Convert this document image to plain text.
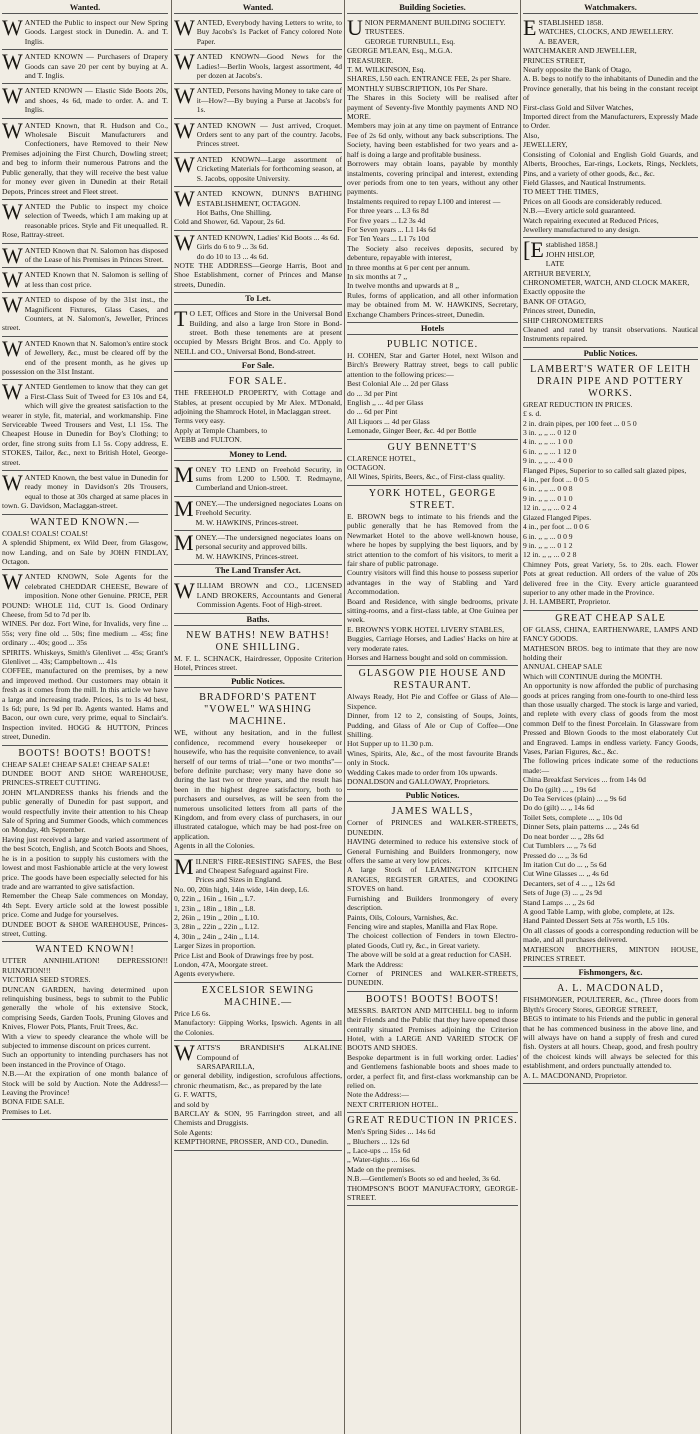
Wanted.

WANTED the Public to inspect our New Spring Goods. Largest stock in Dunedin. A. and T. Inglis.

WANTED KNOWN — Purchasers of Drapery Goods can save 20 per cent by buying at A. and T. Inglis.

WANTED KNOWN — Elastic Side Boots 20s, and shoes, 4s 6d, made to order. A. and T. Inglis.

WANTED Known, that R. Hudson and Co., Wholesale Biscuit Manufacturers and Confectioners, have Removed to their New Premises adjoining the First Church, Dowling street; and beg to inform their numerous Patrons and the Public generally, that they will receive the best value for money ever given in Dunedin at their Retail Depots, Princes street and Fleet street.

WANTED the Public to inspect my choice selection of Tweeds, which I am making up at reasonable prices. Style and Fit unequalled. R. Rose, Rattray-street.

WANTED Known that N. Salomon has disposed of the Lease of his Premises in Princes Street.

WANTED Known that N. Salomon is selling of at less than cost price.

WANTED to dispose of by the 31st inst., the Magnificent Fixtures, Glass Cases, and Counters, at N. Salomon's, Jeweller, Princes street.

WANTED Known that N. Salomon's entire stock of Jewellery, &c., must be cleared off by the end of the present month, as he gives up possession on the 31st Instant.

WANTED Gentlemen to know that they can get a First-Class Suit of Tweed for £3 10s and £4, which will give the greatest satisfaction to the wearer in style, fit, material, and workmanship. Fine Serviceable Tweed Trousers and Vest, L1 15s. The Cheapest House in Dunedin for Boy's Clothing; to order, fine strong suits from L1 5s. Copy address, E. STOKES, Tailor, &c., next to British Hotel, George-street.

WANTED Known, the best value in Dunedin for ready money in Davidson's 20s Trousers, equal to those at 30s charged at same places in town. G. Davidson, Maclaggan-street.

WANTED KNOWN.—

COALS! COALS! COALS!

A splendid Shipment, ex Wild Deer, from Glasgow, now Landing, and on Sale by JOHN FINDLAY, Octagon.

WANTED KNOWN, Sole Agents for the celebrated CHEDDAR CHEESE, Beware of imposition. None other Genuine. PRICE, PER POUND: WHOLE 11d, CUT 1s. Good Ordinary Cheese, from 5d to 7d per lb.

WINES. Per doz. Fort Wine, for Invalids, very fine ... 55s; very fine old ... 50s; fine medium ... 45s; fine ordinary ... 40s; good ... 35s

SPIRITS. Whiskeys, Smith's Glenlivet ... 45s; Grant's Glenlivet ... 43s; Campbeltown ... 41s

COFFEE, manufactured on the premises, by a new and improved method. Our customers may obtain it fresh as it comes from the mill. In this article we have a large and increasing trade. Prices, 1s to 1s 4d best, 1s 6d; pure, 1s 9d per lb. Agents wanted. Hams and Bacon, our own cure, very prime, equal to Sinclair's. Inspection invited. HOGG & HUTTON, Princes street, Dunedin.

BOOTS! BOOTS! BOOTS!

CHEAP SALE! CHEAP SALE! CHEAP SALE!

DUNDEE BOOT AND SHOE WAREHOUSE, PRINCES-STREET CUTTING.

JOHN M'LANDRESS thanks his friends and the public generally of Dunedin for past support, and would respectfully invite their attention to his Cheap Sale of Spring and Summer Goods, which commences on Monday, 4th September.

Having just received a large and varied assortment of the best Scotch, English, and Scotch Boots and Shoes, he is in a position to supply his customers with the lowest and most Fashionable article at the very lowest price. The goods have been especially selected for his trade and are warranted to give satisfaction.

Remember the Cheap Sale commences on Monday, 4th Sept. Every article sold at the lowest possible price. Come and Judge for yourselves.

DUNDEE BOOT & SHOE WAREHOUSE, Princes-street, Cutting.

WANTED KNOWN!

UTTER ANNIHILATION! DEPRESSION!! RUINATION!!!

VICTORIA SEED STORES.

DUNCAN GARDEN, having determined upon relinquishing business, begs to submit to the Public generally the whole of his extensive Stock, comprising Seeds, Garden Tools, Pruning Gloves and Knives, Flower Pots, Plants, Fruit Trees, &c.

With a view to speedy clearance the whole will be subjected to immense discount on prices current.

Such an opportunity to intending purchasers has not been instanced in the Province of Otago.

N.B.—At the expiration of one month balance of Stock will be sold by Auction. Note the Address!—Leaving the Province!

BONA FIDE SALE.

Premises to Let.

Wanted.

WANTED, Everybody having Letters to write, to Buy Jacobs's 1s Packet of Fancy colored Note Paper.

WANTED KNOWN—Good News for the Ladies!—Berlin Wools, largest assortment, 4d per dozen at Jacobs's.

WANTED, Persons having Money to take care of it—How?—By buying a Purse at Jacobs's for 1s.

WANTED KNOWN — Just arrived, Croquet. Orders sent to any part of the country. Jacobs, Princes street.

WANTED KNOWN—Large assortment of Cricketing Materials for forthcoming season, at S. Jacobs, opposite University.

WANTED KNOWN, DUNN'S BATHING ESTABLISHMENT, OCTAGON.

Hot Baths, One Shilling.

Cold and Shower, 6d. Vapour, 2s 6d.

WANTED KNOWN, Ladies' Kid Boots ... 4s 6d.

Girls do 6 to 9 ... 3s 6d.

do do 10 to 13 ... 4s 6d.

NOTE THE ADDRESS—George Harris, Boot and Shoe Establishment, corner of Princes and Manse streets, Dunedin.

To Let.

TO LET, Offices and Store in the Universal Bond Building, and also a large Iron Store in Bond-street. Both these tenements are at present occupied by Messrs Bright Bros. and Co. Apply to NEILL and CO., Universal Bond, Bond-street.

For Sale.

FOR SALE.

THE FREEHOLD PROPERTY, with Cottage and Stables, at present occupied by Mr Alex. M'Donald, adjoining the Shamrock Hotel, in Maclaggan street.

Terms very easy.

Apply at Temple Chambers, to

WEBB and FULTON.

Money to Lend.

MONEY TO LEND on Freehold Security, in sums from L200 to L500. T. Redmayne, Cumberland and Union-street.

MONEY.—The undersigned negociates Loans on Freehold Security.

M. W. HAWKINS, Princes-street.

MONEY.—The undersigned negociates loans on personal security and approved bills.

M. W. HAWKINS, Princes-street.

The Land Transfer Act.

WILLIAM BROWN and CO., LICENSED LAND BROKERS, Accountants and General Commission Agents. Foot of High-street.

Baths.

NEW BATHS! NEW BATHS! ONE SHILLING.

M. F. L. SCHNACK, Hairdresser, Opposite Criterion Hotel, Princes street.

Public Notices.

BRADFORD'S PATENT "VOWEL" WASHING MACHINE.

WE, without any hesitation, and in the fullest confidence, recommend every housekeeper or housewife, who has the requisite convenience, to avail herself of our terms of trial—"one or two months"—before definite purchase; very many have done so during the last two or three years, and the result has been in the highest degree satisfactory, both to purchasers and ourselves, as will be seen from the numerous unsolicited letters from all parts of the Kingdom, and from every class of purchasers, in our illustrated catalogue, which may be had post-free on application.

Agents in all the Colonies.

MILNER'S FIRE-RESISTING SAFES, the Best and Cheapest Safeguard against Fire.

Prices and Sizes in England.

No. 00, 20in high, 14in wide, 14in deep, L6.

0, 22in ,, 16in ,, 16in ,, L7.

1, 23in ,, 18in ,, 18in ,, L8.

2, 26in ,, 19in ,, 20in ,, L10.

3, 28in ,, 22in ,, 22in ,, L12.

4, 30in ,, 24in ,, 24in ,, L14.

Larger Sizes in proportion.

Price List and Book of Drawings free by post.

London, 47A, Moorgate street.

Agents everywhere.

EXCELSIOR SEWING MACHINE.—

Price L6 6s.

Manufactory: Gipping Works, Ipswich. Agents in all the Colonies.

WATTS'S BRANDISH'S ALKALINE Compound of

SARSAPARILLA,

or general debility, indigestion, scrofulous affections, chronic rheumatism, &c., as prepared by the late

G. F. WATTS,

and sold by

BARCLAY & SON, 95 Farringdon street, and all Chemists and Druggists.

Sole Agents:

KEMPTHORNE, PROSSER, AND CO., Dunedin.

Building Societies.

UNION PERMANENT BUILDING SOCIETY.

TRUSTEES.

GEORGE TURNBULL, Esq.

GEORGE M'LEAN, Esq., M.G.A.

TREASURER.

T. M. WILKINSON, Esq.

SHARES, L50 each. ENTRANCE FEE, 2s per Share.

MONTHLY SUBSCRIPTION, 10s Per Share.

The Shares in this Society will be realised after payment of Seventy-five Monthly payments AND NO MORE.

Members may join at any time on payment of Entrance Fee of 2s 6d only, without any back subscriptions. The Society, having been established for two years and a-half is doing a large and profitable business.

Borrowers may obtain loans, payable by monthly instalments, covering principal and interest, extending over periods from one to ten years, without any other payments.

Instalments required to repay L100 and interest —

For three years ... L3 6s 8d

For five years ... L2 3s 4d

For Seven years ... L1 14s 6d

For Ten Years ... L1 7s 10d

The Society also receives deposits, secured by debenture, repayable with interest,

In three months at 6 per cent per annum.

In six months at 7 ,,

In twelve months and upwards at 8 ,,

Rules, forms of application, and all other information may be obtained from M. W. HAWKINS, Secretary, Exchange Chambers Princes-street, Dunedin.

Hotels

PUBLIC NOTICE.

H. COHEN, Star and Garter Hotel, next Wilson and Birch's Brewery Rattray street, begs to call public attention to the following prices:—

Best Colonial Ale ... 2d per Glass

do ... 3d per Pint

English ,, ... 4d per Glass

do ... 6d per Pint

All Liquors ... 4d per Glass

Lemonade, Ginger Beer, &c. 4d per Bottle

GUY BENNETT'S

CLARENCE HOTEL,

OCTAGON.

All Wines, Spirits, Beers, &c., of First-class quality.

YORK HOTEL, GEORGE STREET.

E. BROWN begs to intimate to his friends and the public generally that he has Removed from the Newmarket Hotel to the above well-known house, where he hopes by supplying the best liquors, and by strict attention to the comfort of his visitors, to merit a fair share of public patronage.

Country visitors will find this house to possess superior advantages in the way of Stabling and Yard Accommodation.

Board and Residence, with single bedrooms, private sitting-rooms, and a first-class table, at One Guinea per week.

E. BROWN'S YORK HOTEL LIVERY STABLES,

Buggies, Carriage Horses, and Ladies' Hacks on hire at very moderate rates.

Horses and Harness bought and sold on commission.

GLASGOW PIE HOUSE AND RESTAURANT.

Always Ready, Hot Pie and Coffee or Glass of Ale—Sixpence.

Dinner, from 12 to 2, consisting of Soups, Joints, Pudding, and Glass of Ale or Cup of Coffee—One Shilling.

Hot Supper up to 11.30 p.m.

Wines, Spirits, Ale, &c., of the most favourite Brands only in Stock.

Wedding Cakes made to order from 10s upwards.

DONALDSON and GALLOWAY, Proprietors.

Public Notices.

JAMES WALLS,

Corner of PRINCES and WALKER-STREETS, DUNEDIN.

HAVING determined to reduce his extensive stock of General Furnishing and Builders Ironmongery, now offers the same at very low prices.

A large Stock of LEAMINGTON KITCHEN RANGES, REGISTER GRATES, and COOKING STOVES on hand.

Furnishing and Builders Ironmongery of every description.

Paints, Oils, Colours, Varnishes, &c.

Fencing wire and staples, Manilla and Flax Rope.

The choicest collection of Fenders in town Electro-plated Goods, Cutl ry, &c., in Great variety.

The above will be sold at a great reduction for CASH.

Mark the Address:

Corner of PRINCES and WALKER-STREETS, DUNEDIN.

BOOTS! BOOTS! BOOTS!

MESSRS. BARTON AND MITCHELL beg to inform their Friends and the Public that they have opened those centrally situated Premises adjoining the Criterion Hotel, with a LARGE AND VARIED STOCK OF BOOTS AND SHOES.

Bespoke department is in full working order. Ladies' and Gentlemens fashionable boots and shoes made to order, a perfect fit, and first-class workmanship can be relied on.

Note the Address:—

NEXT CRITERION HOTEL.

GREAT REDUCTION IN PRICES.

Men's Spring Sides ... 14s 6d

,, Bluchers ... 12s 6d

,, Lace-ups ... 15s 6d

,, Water-tights ... 16s 6d

Made on the premises.

N.B.—Gentlemen's Boots so ed and heeled, 3s 6d.

THOMPSON'S BOOT MANUFACTORY, GEORGE-STREET.

Watchmakers.

ESTABLISHED 1858.

WATCHES, CLOCKS, AND JEWELLERY.

A. BEAVER,

WATCHMAKER AND JEWELLER,

PRINCES STREET,

Nearly opposite the Bank of Otago,

A. B. begs to notify to the inhabitants of Dunedin and the Province generally, that his being in the constant receipt of

First-class Gold and Silver Watches,

Imported direct from the Manufacturers, Expressly Made to Order.

Also,

JEWELLERY,

Consisting of Colonial and English Gold Guards, and Alberts, Brooches, Ear-rings, Lockets, Rings, Necklets, Pins, and a variety of other goods, &c., &c.

Field Glasses, and Nautical Instruments.

TO MEET THE TIMES,

Prices on all Goods are considerably reduced.

N.B.—Every article sold guaranteed.

Watch repairing executed at Reduced Prices,

Jewellery manufactured to any design.

[Established 1858.]

JOHN HISLOP,

LATE

ARTHUR BEVERLY,

CHRONOMETER, WATCH, AND CLOCK MAKER,

Exactly opposite the

BANK OF OTAGO,

Princes street, Dunedin,

SHIP CHRONOMETERS

Cleaned and rated by transit observations. Nautical Instruments repaired.

Public Notices.

LAMBERT'S WATER OF LEITH DRAIN PIPE AND POTTERY WORKS.

GREAT REDUCTION IN PRICES.

£ s. d.

2 in. drain pipes, per 100 feet ... 0 5 0

3 in. ,, ,, ... 0 12 0

4 in. ,, ,, ... 1 0 0

6 in. ,, ,, ... 1 12 0

9 in. ,, ,, ... 4 0 0

Flanged Pipes, Superior to so called salt glazed pipes,

4 in., per foot ... 0 0 5

6 in. ,, ,, ... 0 0 8

9 in. ,, ,, ... 0 1 0

12 in. ,, ,, ... 0 2 4

Glazed Flanged Pipes.

4 in., per foot ... 0 0 6

6 in. ,, ,, ... 0 0 9

9 in. ,, ,, ... 0 1 2

12 in. ,, ,, ... 0 2 8

Chimney Pots, great Variety, 5s. to 20s. each. Flower Pots at great reduction. All orders of the value of 20s delivered free in the City. Every article guaranteed superior to any other made in the Province.

J. H. LAMBERT, Proprietor.

GREAT CHEAP SALE

OF GLASS, CHINA, EARTHENWARE, LAMPS AND FANCY GOODS.

MATHESON BROS. beg to intimate that they are now holding their

ANNUAL CHEAP SALE

Which will CONTINUE during the MONTH.

An opportunity is now afforded the public of purchasing goods at prices ranging from one-fourth to one-third less than those usually charged. The stock is large and varied, and replete with every class of goods from the most common Delf to the finest Porcelain. In Glassware from Pressed and Blown Goods to the most elaborately Cut and Engraved. Lamps in endless variety. Fancy Goods, Vases, Parian Figures, &c., &c.

The following prices indicate some of the reductions made:—

China Breakfast Services ... from 14s 0d

Do Do (gilt) ... ,, 19s 6d

Do Tea Services (plain) ... ,, 9s 6d

Do do (gilt) ... ,, 14s 6d

Toilet Sets, complete ... ,, 10s 0d

Dinner Sets, plain patterns ... ,, 24s 6d

Do neat border ... ,, 28s 6d

Cut Tumblers ... ,, 7s 6d

Pressed do ... ,, 3s 6d

Im itation Cut do ... ,, 5s 6d

Cut Wine Glasses ... ,, 4s 6d

Decanters, set of 4 ... ,, 12s 6d

Sets of Juge (3) ... ,, 2s 9d

Stand Lamps ... ,, 2s 6d

A good Table Lamp, with globe, complete, at 12s.

Hand Painted Dessert Sets at 75s worth, L5 10s.

On all classes of goods a corresponding reduction will be made, and all purchases delivered.

MATHESON BROTHERS, MINTON HOUSE, PRINCES STREET.

Fishmongers, &c.

A. L. MACDONALD,

FISHMONGER, POULTERER, &c., (Three doors from Blyth's Grocery Stores, GEORGE STREET,

BEGS to intimate to his Friends and the public in general that he has commenced business in the above line, and will always have on hand a supply of fresh and cured fish. Oysters at all hours. Cheap, good, and fresh poultry of the choicest kinds will always be selected for this establishment, and orders punctually attended to.

A. L. MACDONAND, Proprietor.
